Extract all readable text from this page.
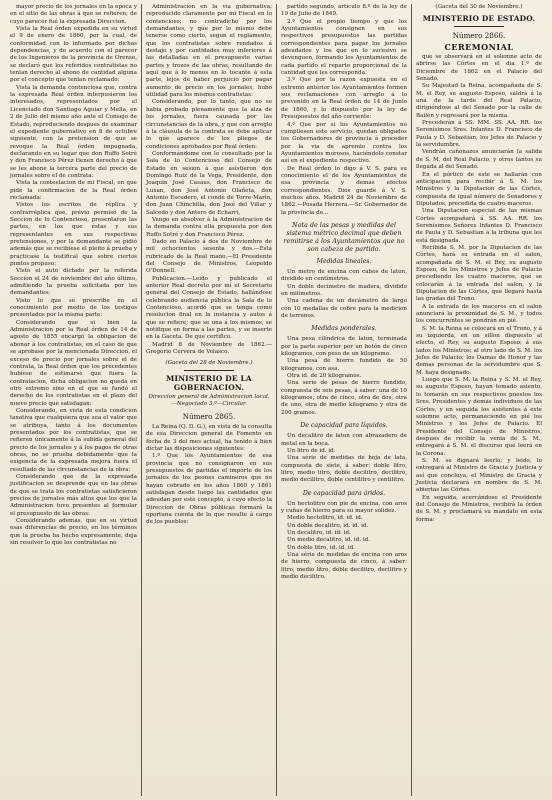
mayor precio de los jornales en la época y en el sitio de las obras á que se refieren; de cuyo parecer fué la expresada Direccion.

Vista la Real órden expedida en su virtud el 9 de enero de 1860, por la cual, de conformidad con lo informado por dichas dependencias, y de acuerdo con el parecer de los Ingenieros de la provincia de Orense, se declaró que los referidos contratistas no tenian derecho al abono de cantidad alguna por el concepto que tenian reclamado:

Vista la demanda contenciosa que, contra la expresada Real órden interpusieron los interesados, representados por el Licenciado don Santiago Aguiar y Mella, en 2 de Julio del mismo año ante el Consejo de Estado, reproduciendo despues de examinar el expediente gubernativo en 8 de octubre siguiente, con la pretension de que se revoque la Real órden impugnada, declarando en su lugar que don Ruffo Sotré y don Francisco Pérez tienen derecho á que se les abone la tercera parte del precio de jornales sobre el de contrata:

Vista la contestacion de mi Fiscal, en que pide la confirmacion de la Real órden reclamada:

Vistos los escritos de réplica y contrarréplica que, prévio permiso de la Seccion de lo Contencioso, presentaron las partes, en los que éstas y sus representantes en sus respectivas pretensiones, y por la demandante se pidió además que se recibiese el pleito á prueba y practicase la testifical que sobre ciertos puntos propuso:

Visto el auto dictado por la referida Seccion el 24 de noviembre del año último, admitiendo la prueba solicitada por los demandantes:

Visto lo que se prescribe en el conocimiento por medio de los testigos presentados por la misma parte:

Considerando que si bien la Administracion por la Real órden de 14 de agosto de 1855 encargó la obligacion de abonar á los contratistas, en el caso de que se aprobase por la mencionada Direccion, el exceso de precio por jornales sobre el de contrata, la Real órden que los precedentes hubiese de estimarse que fuera la contratacion, dicha obligacion no queda en otro extremo sino en el que se fundó el derecho de los contratistas en el plazo del nuevo precio que satisfagan:

Considerando, en vista de esta condicion taxativa que cualquiera que sea el valor que se atribuya, tanto á los documentos presentados por los contratistas, que se refieren únicamente á la subida general del precio de los jornales y á los pagos de otras obras, no se prueba debidamente que la exigencia de la expresada mejora fuera el resultado de las circunstancias de la obra:

Considerando que de la expresada justificacion se desprende que en las obras de que se trata los contratistas satisficieron precios de jornales más altos que los que la Administracion tuvo presentes al formular el presupuesto de las obras:

Considerando ademas, que en su virtud esas diferencias de precio, en los términos que la prueba ha hecho expresamente, deja sin resolver lo que los contratistas no

Administracion en la via gubernativa; reproducido claramente por mi Fiscal en lo contencioso; no contradicho por los demandantes, y que por lo mismo debe tenerse como cierto, segun el reglamento, que los contratistas sobre rendados á destajo y por cantidades muy inferiores á las detalladas en el presupuesto varias partes y trozos de las obras, resultando de aquí que á lo menos en lo tocante á esta parte, lejos de haber perjuicio por pagar aumento de precio en los jornales, hubo utilidad para los mismos contratistas:

Considerando, por lo tanto, que no se habia probado plenamente que la alza de los jornales, fuera causada por las circunstancias de la obra, y que con arreglo á la cláusula de la contrata se debe aplicar lo que aparece de los pliegos de condiciones aprobados por Real órden:

Conformándome con lo consultado por la Sala de lo Contencioso del Consejo de Estado en sesion á que asistieron don Domingo Ruiz de la Vega, Presidente, don Joaquin José Casaus, don Francisco de Luxan, don José Antonio Olañeta, don Antonio Escudero, el conde de Torre-Marin, don Juan Chinchilla, don José del Villar y Salcedo y don Antero de Echarri,

Vengo en absolver á la Administracion de la demanda contra ella propuesta por don Ruffo Sotré y don Francisco Pérez.

Dado en Palacio á dos de Noviembre de mil ochocientos sesenta y dos.—Está rubricado de la Real mano.—El Presidente del Consejo de Ministros, Leopoldo O'Donnell.

Publicacion.—Leido y publicado el anterior Real decreto por mí el Secretario general del Consejo de Estado, hallándose celebrando audiencia pública la Sala de lo Contencioso, acordó que se tenga como resolucion final en la instancia y autos á que se refiere; que se una á los mismos, se notifique en forma á las partes, y se inserte en la Gaceta. De que certifico.

Madrid 8 de Noviembre de 1862.—Gregorio Cervera de Velasco.

(Gaceta del 28 de Noviembre.)
MINISTERIO DE LA GOBERNACION.
Direccion general de Administracion local.—Negociado 3.º—Circular.
Número 2865.

La Reina (Q. D. G.), en vista de la consulta de esa Direccion general de Fomento en fecha de 3 del mes actual, ha tenido á bien dictar las disposiciones siguientes:

1.º Que los Ayuntamientos de esa provincia que no consignaron en sus presupuestos de partidas el importe de los jornales de los peones camineros que no hayan cobrado en los años 1860 y 1861 satisfagan desde luego las cantidades que adeudan por este concepto, á cuyo efecto la Direccion de Obras públicas formará la oportuna cuenta de lo que resulte á cargo de los pueblos:

partido segundo, artículo 8.º de la ley de 19 de Julio de 1849.

2.º Que el propio tiempo y que los Ayuntamientos consignen en sus respectivos presupuestos las partidas correspondientes para pagar los jornales adeudados y los que en lo sucesivo se devenguen, formando los Ayuntamientos de cada partido el reparto proporcional de la cantidad que les corresponda:

3.º Que por la razon expuesta en el extremo anterior los Ayuntamientos formen sus reclamaciones con arreglo á lo prevenido en la Real órden de 14 de Junio de 1860, y lo dispuesto por la ley de Presupuestos del año corriente:

4.º Que por si los Ayuntamientos no cumpliesen este servicio, quedan obligados los Gobernadores de provincia á proceder por la via de apremio contra los Ayuntamientos morosos, haciéndolo constar así en el expediente respectivo.

De Real órden lo digo á V. S. para su conocimiento el de los Ayuntamientos de esa provincia y demas efectos correspondientes. Dios guarde á V. S. muchos años. Madrid 24 de Noviembre de 1862.—Posada Herrera.—Sr. Gobernador de la provincia de...

Nota de las pesas y medidas del sistema métrico decimal que deben remitirse á los Ayuntamientos que no son cabeza de partido.
Medidas lineales.

Un metro de encina con cabos de laton, dividido en centímetros.

Un doble decímetro de madera, dividido en milímetros.

Una cadena de un decámetro de largo con 10 medallas de cobre para la medicion de terrenos.

Medidas ponderales.

Una pesa cilíndrica de laton, terminada por la parte superior por un botón de cinco kilogramos, con peso de un kilogramo.

Una pesa de hierro fundido de 50 kilogramos, con asa.

Otra id. de 20 kilogramos.

Una serie de pesas de hierro fundido, compuesta de seis pesas, á saber: una de 10 kilogramos, otra de cinco, otra de dos, otra de uno, otra de medio kilogramo y otra de 200 gramos.

De capacidad para líquidos.

Un decalitro de laton con abrazadero de metal en la boca.

Un litro de id. id.

Una série de medidas de hoja de lata, compuesta de siete, á saber: doble litro, litro, medio litro, doble decilitro, decilitro, medio decilitro, doble centilitro y centilitro.

De capacidad para áridos.

Un hectolitro con pie de encina, con aros y cuñas de hierro para su mayor solidez.

Medio hectolitro, id. id. id.

Un doble decalitro, id. id. id.

Un decalitro, id. id. id.

Un medio decalitro, id. id. id.

Un doble litro, id. id. id.

Una série de medidas de encina con aros de hierro, compuesta de cinco, á saber: litro, medio litro, doble decilitro, decilitro y medio decilitro.

(Gaceta del 30 de Noviembre.)
MINISTERIO DE ESTADO.
Número 2866.
CEREMONIAL

que se observará en el solemne acto de abrirse las Córtes en el dia 1.º de Diciembre de 1862 en el Palacio del Senado.

Su Majestad la Reina, acompañada de S. M. el Rey, su augusto Esposo, saldrá á la una de la tarde del Real Palacio, dirigiéndose al del Senado por la calle de Bailén y regresará por la misma.

Precederán á SS. MM. SS. AA. RR. los Serenísimos Sres. Infantes D. Francisco de Paula y D. Sebastian, los Jefes de Palacio y la servidumbre.

Vendrán cañonazos anunciarán la salida de S. M. del Real Palacio, y otros tantos su llegada al del Senado.

En el pórtico de este se hallarán con anticipacion para recibir á S. M. los Ministros y la Diputacion de las Córtes, compuesta de igual número de Senadores y Diputados, precedida de cuatro maceros.

Una Diputacion especial de las mismas Córtes acompañará á SS. AA. RR. los Serenísimos Señores Infantes D. Francisco de Paula y D. Sebastian á la tribuna que les está designada.

Recibida S. M. por la Diputacion de las Córtes, hará su entrada en el salon, acompañada de S. M. el Rey, su augusto Esposo, de los Ministros y Jefes de Palacio precediendo los cuatro maceros, que se colocarán á la entrada del salon, y la Diputacion de las Córtes, que llegará hasta las gradas del Trono.

A la entrada de los maceros en el salon anunciará la proximidad de S. M., y todos los concurrentes se pondrán en pié.

S. M. la Reina se colocará en el Trono, y á su izquierda, en un sillon dispuesto al efecto, el Rey, su augusto Esposo; á sus lados los Ministros; al otro lado de S. M. los Jefes de Palacio; los Damas de Honor y las demas personas de la servidumbre que S. M. haya designado.

Luego que S. M. la Reina y S. M. el Rey, su augusto Esposo, hayan tomado asiento, lo tomarán en sus respectivos puestos los Sres. Presidentes y demas individuos de las Córtes, y en seguida los asistentes á este solemne acto, permaneciendo en pié los Ministros y los Jefes de Palacio. El Presidente del Consejo de Ministros, despues de recibir la venia de S. M., entregará á S. M. el discurso que leerá en la Corona.

S. M. se dignará leerlo; y leido, lo entregará al Ministro de Gracia y Justicia y así que concluya, el Ministro de Gracia y Justicia declarará en nombre de S. M. abiertas las Córtes.

En seguida, acercándose el Presidente del Consejo de Ministros, recibirá la órden de S. M. y proclamará su mandato en esta forma:
